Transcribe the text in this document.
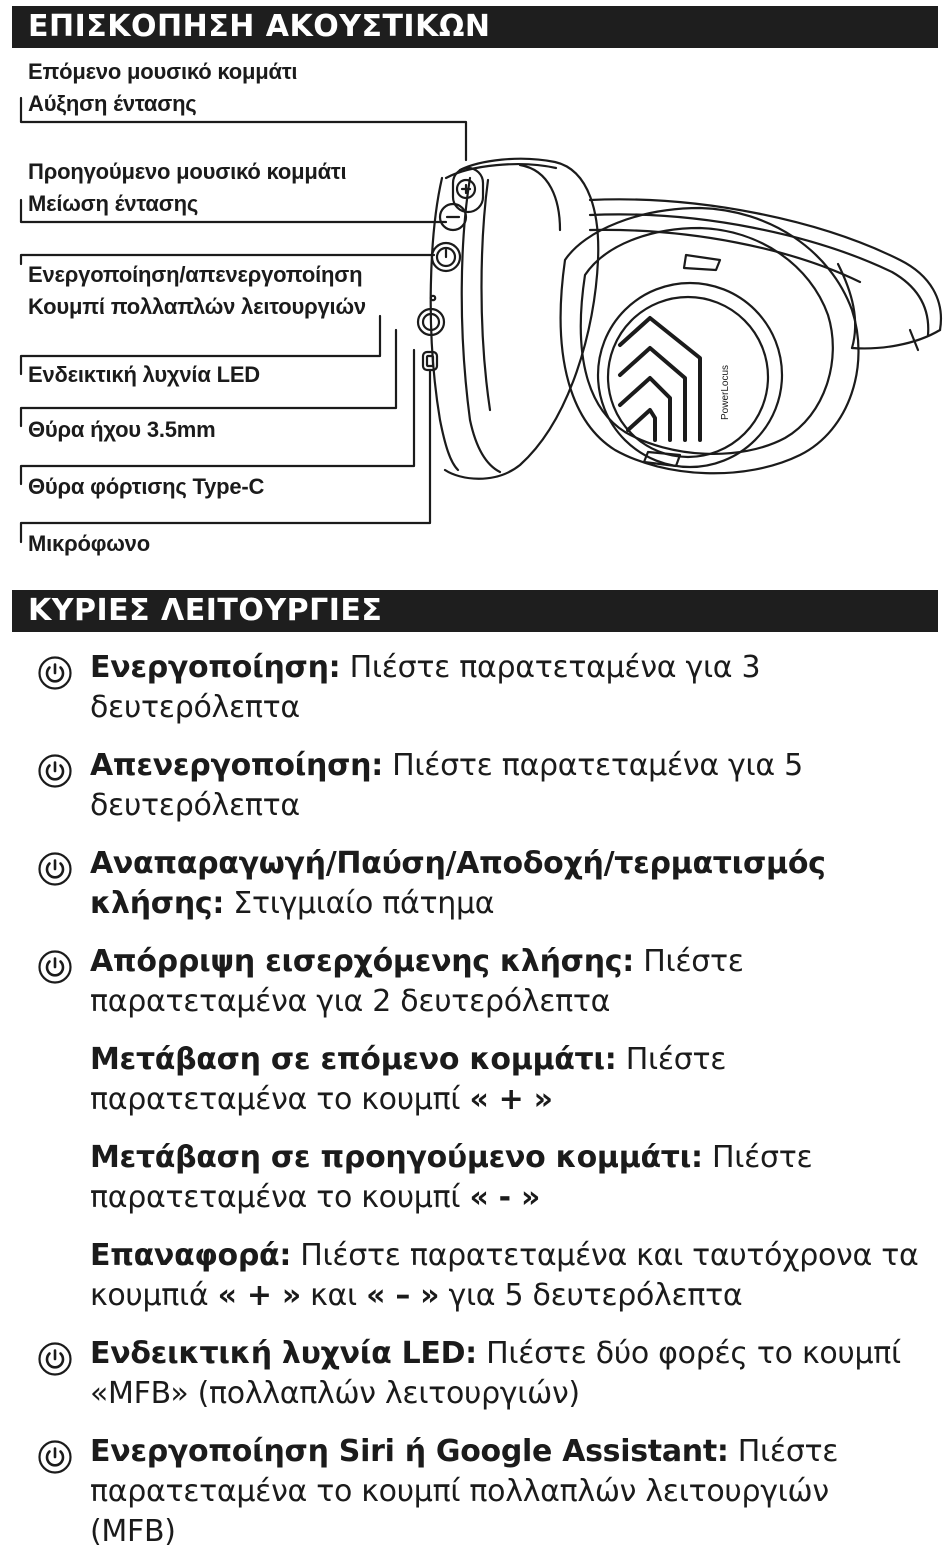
ΕΠΙΣΚΟΠΗΣΗ ΑΚΟΥΣΤΙΚΩΝ
Επόμενο μουσικό κομμάτι
Αύξηση έντασης
Προηγούμενο μουσικό κομμάτι
Μείωση έντασης
Ενεργοποίηση/απενεργοποίηση
Κουμπί πολλαπλών λειτουργιών
Ενδεικτική λυχνία LED
Θύρα ήχου 3.5mm
Θύρα φόρτισης Type-C
Μικρόφωνο
PowerLocus
ΚΥΡΙΕΣ ΛΕΙΤΟΥΡΓΙΕΣ
Ενεργοποίηση: Πιέστε παρατεταμένα για 3 δευτερόλεπτα
Απενεργοποίηση: Πιέστε παρατεταμένα για 5 δευτερόλεπτα
Αναπαραγωγή/Παύση/Αποδοχή/τερματισμός κλήσης: Στιγμιαίο πάτημα
Απόρριψη εισερχόμενης κλήσης: Πιέστε παρατεταμένα για 2 δευτερόλεπτα
Μετάβαση σε επόμενο κομμάτι: Πιέστε παρατεταμένα το κουμπί « + »
Μετάβαση σε προηγούμενο κομμάτι: Πιέστε παρατεταμένα το κουμπί « - »
Επαναφορά: Πιέστε παρατεταμένα και ταυτόχρονα τα κουμπιά « + » και « – » για 5 δευτερόλεπτα
Ενδεικτική λυχνία LED: Πιέστε δύο φορές το κουμπί «MFB» (πολλαπλών λειτουργιών)
Ενεργοποίηση Siri ή Google Assistant: Πιέστε παρατεταμένα το κουμπί πολλαπλών λειτουργιών (MFB)
